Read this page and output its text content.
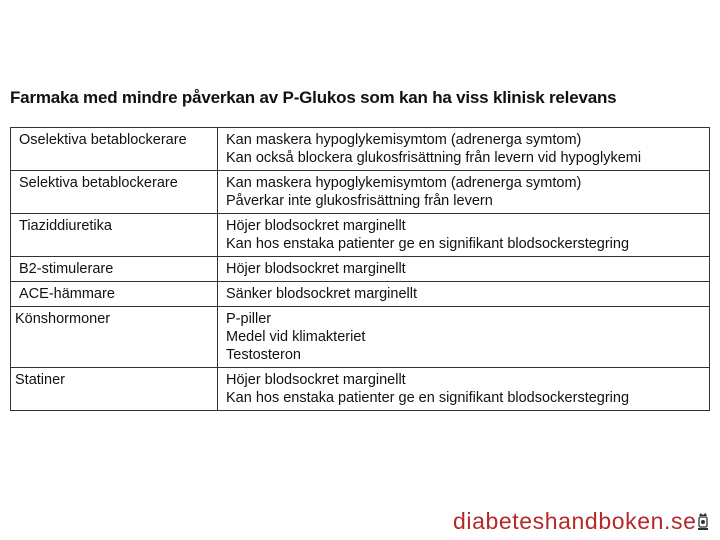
Farmaka med mindre påverkan av P-Glukos som kan ha viss klinisk relevans
Oselektiva betablockerare	Kan maskera hypoglykemisymtom (adrenerga symtom)
Kan också blockera glukosfrisättning från levern vid hypoglykemi

Selektiva betablockerare	Kan maskera hypoglykemisymtom (adrenerga symtom)
Påverkar inte glukosfrisättning från levern

Tiaziddiuretika	Höjer blodsockret marginellt
Kan hos enstaka patienter ge en signifikant blodsockerstegring

B2-stimulerare	Höjer blodsockret marginellt

ACE-hämmare	Sänker blodsockret marginellt

Könshormoner	P-piller
Medel vid klimakteriet
Testosteron

Statiner	Höjer blodsockret marginellt
Kan hos enstaka patienter ge en signifikant blodsockerstegring
diabeteshandboken.se
